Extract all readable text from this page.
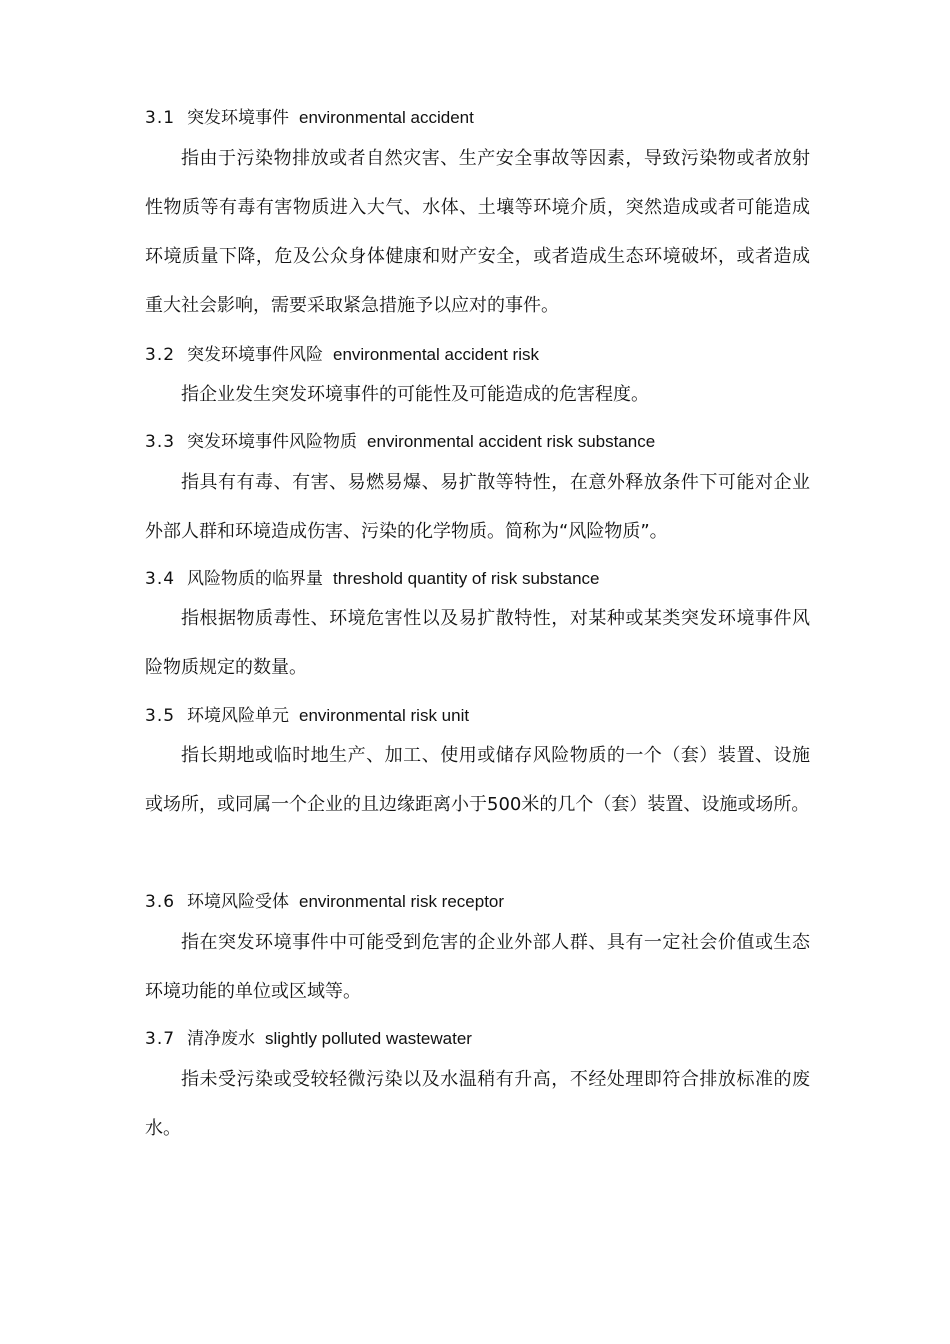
3.1 突发环境事件 environmental accident

指由于污染物排放或者自然灾害、生产安全事故等因素，导致污染物或者放射性物质等有毒有害物质进入大气、水体、土壤等环境介质，突然造成或者可能造成环境质量下降，危及公众身体健康和财产安全，或者造成生态环境破坏，或者造成重大社会影响，需要采取紧急措施予以应对的事件。

3.2 突发环境事件风险 environmental accident risk

指企业发生突发环境事件的可能性及可能造成的危害程度。

3.3 突发环境事件风险物质 environmental accident risk substance

指具有有毒、有害、易燃易爆、易扩散等特性，在意外释放条件下可能对企业外部人群和环境造成伤害、污染的化学物质。简称为“风险物质”。

3.4 风险物质的临界量 threshold quantity of risk substance

指根据物质毒性、环境危害性以及易扩散特性，对某种或某类突发环境事件风险物质规定的数量。

3.5 环境风险单元 environmental risk unit

指长期地或临时地生产、加工、使用或储存风险物质的一个（套）装置、设施或场所，或同属一个企业的且边缘距离小于500米的几个（套）装置、设施或场所。

3.6 环境风险受体 environmental risk receptor

指在突发环境事件中可能受到危害的企业外部人群、具有一定社会价值或生态环境功能的单位或区域等。

3.7 清净废水 slightly polluted wastewater

指未受污染或受较轻微污染以及水温稍有升高，不经处理即符合排放标准的废水。
